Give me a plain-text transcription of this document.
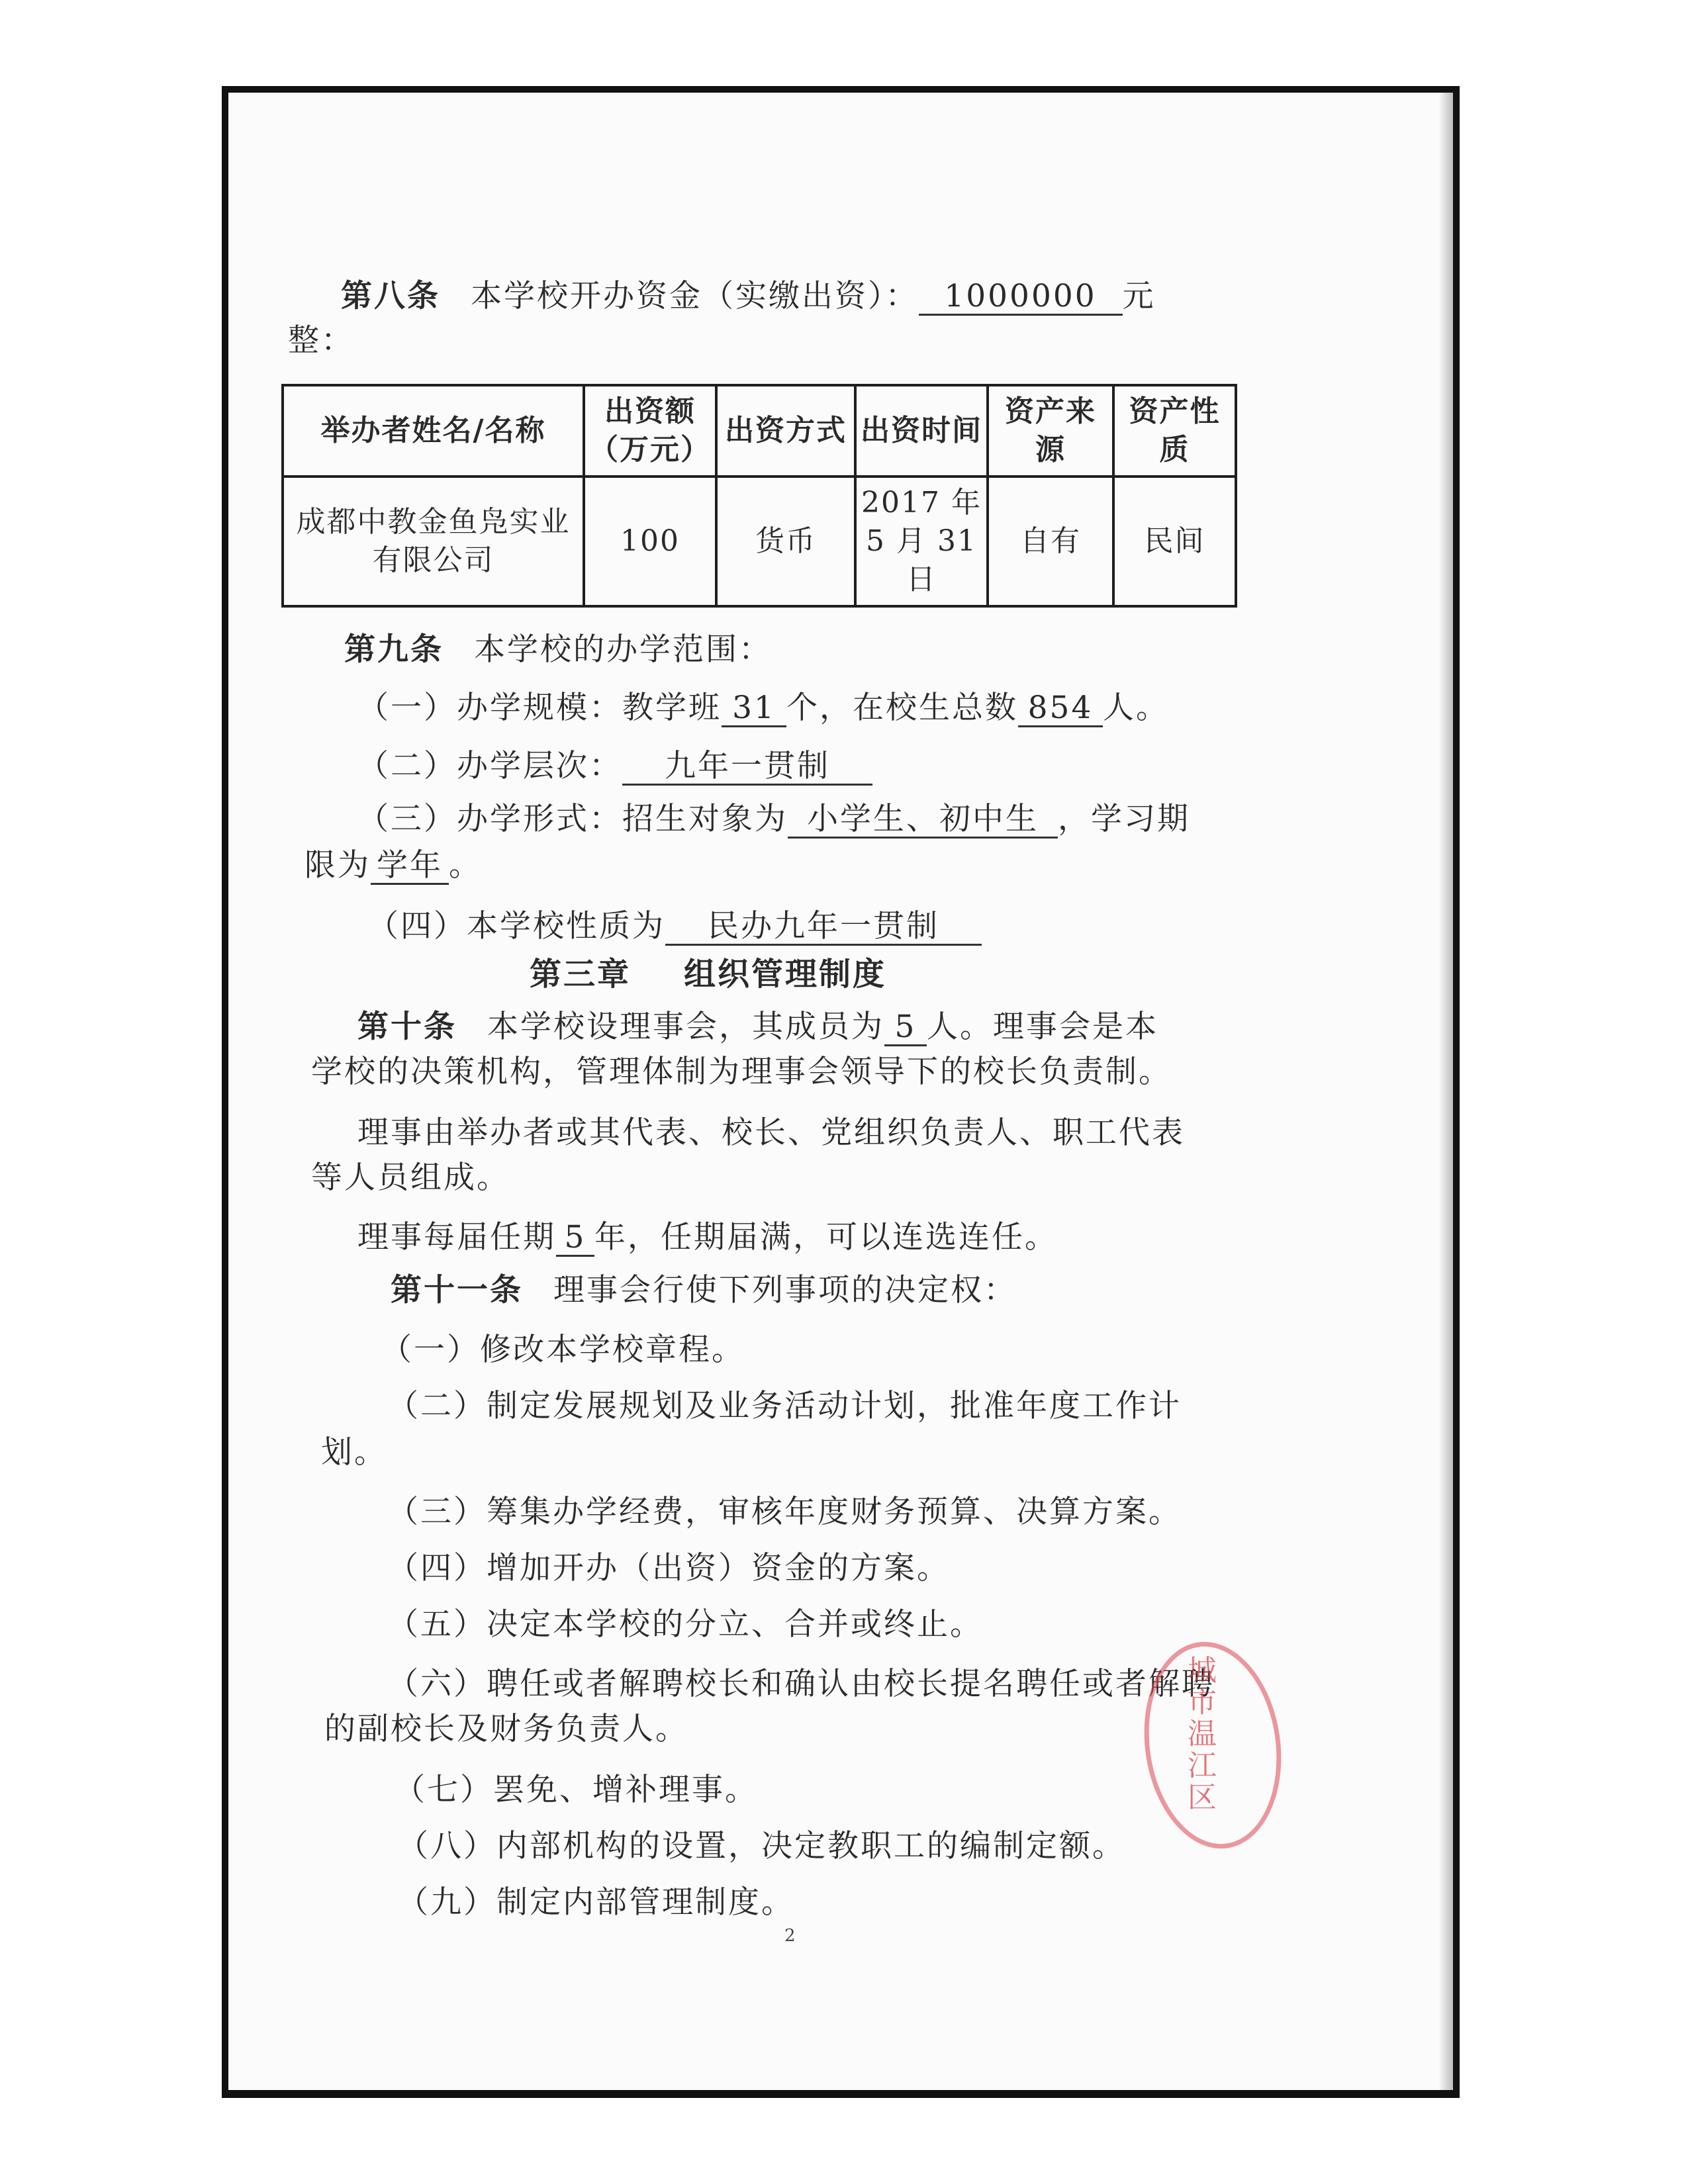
第八条 本学校开办资金（实缴出资）： 1000000 元
整：
举办者姓名/名称	出资额（万元）	出资方式	出资时间	资产来源	资产性质
成都中教金鱼凫实业有限公司	100	货币	2017 年 5 月 31 日	自有	民间
第九条 本学校的办学范围：
（一）办学规模：教学班 31 个，在校生总数 854 人。
（二）办学层次： 九年一贯制
（三）办学形式：招生对象为 小学生、初中生 ，学习期
限为 学年 。
（四）本学校性质为 民办九年一贯制
第三章 组织管理制度
第十条 本学校设理事会，其成员为 5 人。理事会是本
学校的决策机构，管理体制为理事会领导下的校长负责制。
理事由举办者或其代表、校长、党组织负责人、职工代表
等人员组成。
理事每届任期 5 年，任期届满，可以连选连任。
第十一条 理事会行使下列事项的决定权：
（一）修改本学校章程。
（二）制定发展规划及业务活动计划，批准年度工作计
划。
（三）筹集办学经费，审核年度财务预算、决算方案。
（四）增加开办（出资）资金的方案。
（五）决定本学校的分立、合并或终止。
（六）聘任或者解聘校长和确认由校长提名聘任或者解聘
的副校长及财务负责人。
（七）罢免、增补理事。
（八）内部机构的设置，决定教职工的编制定额。
（九）制定内部管理制度。
2
城市温江区
